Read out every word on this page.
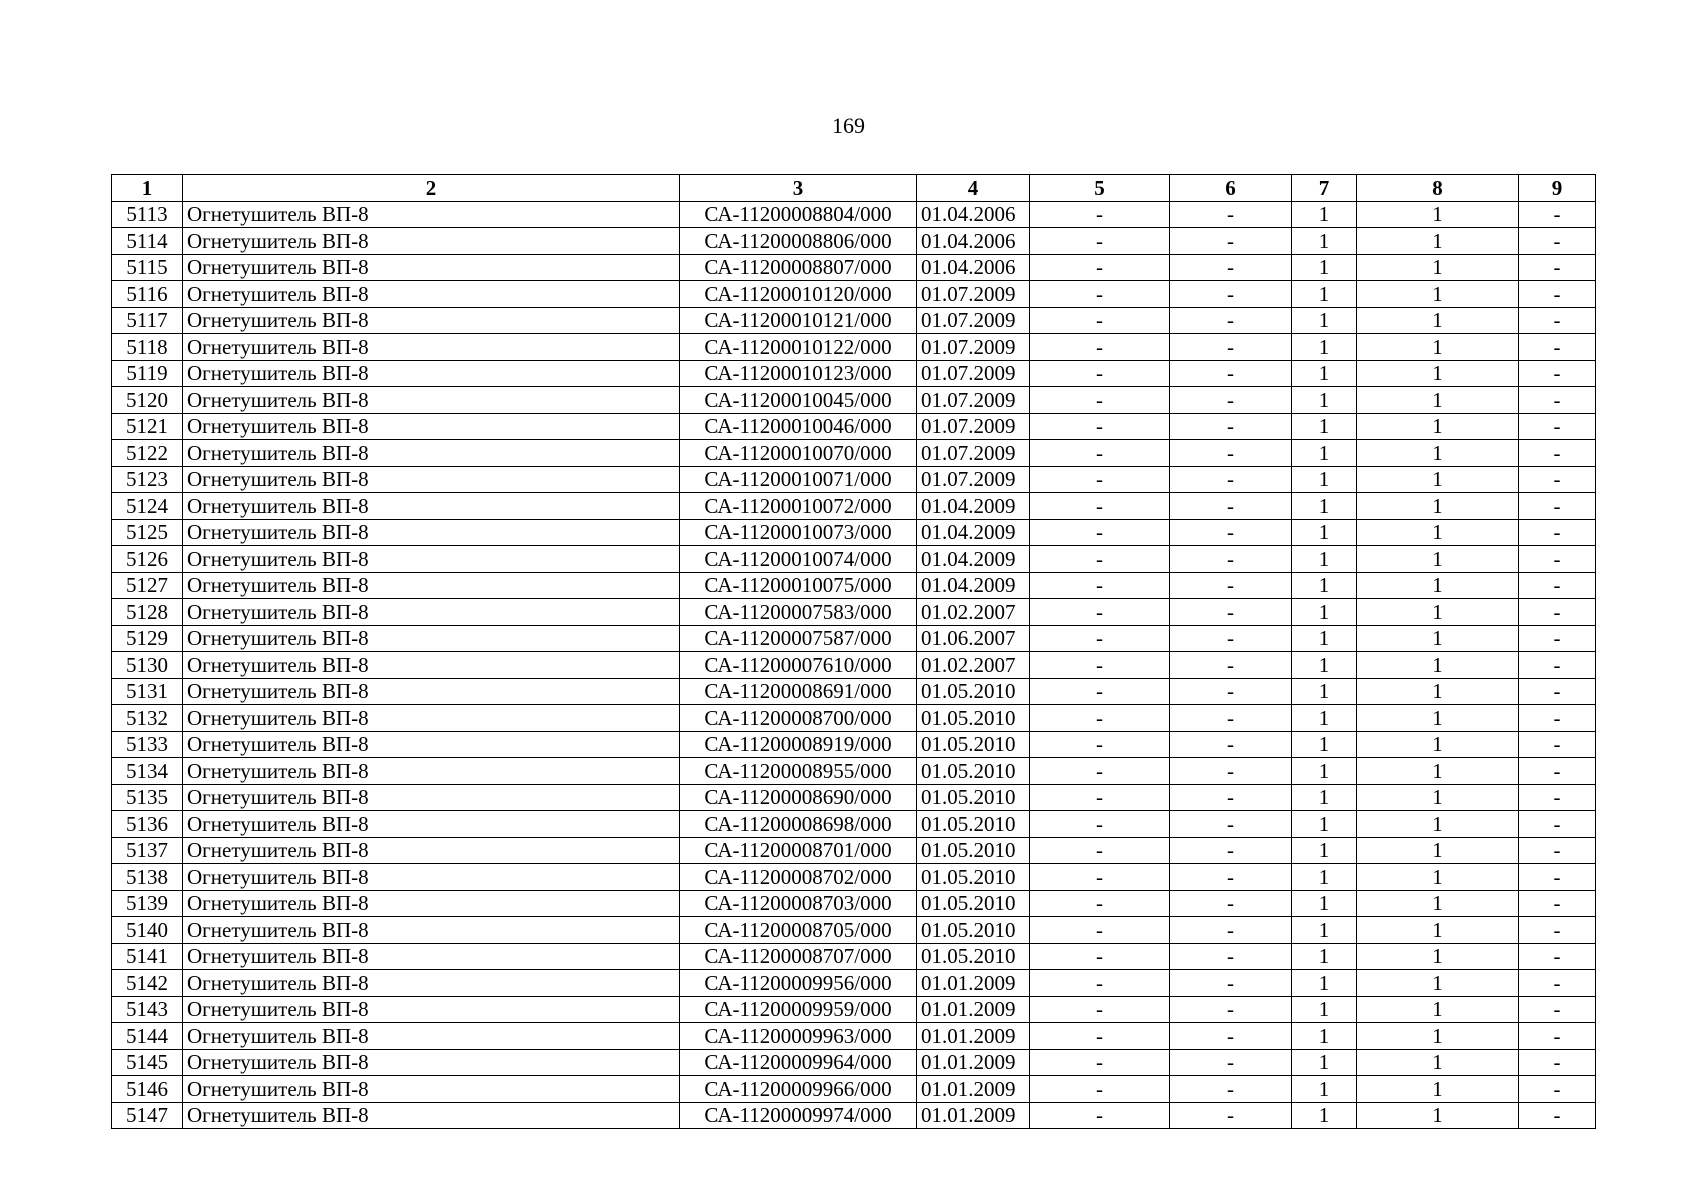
169
1	2	3	4	5	6	7	8	9
5113	Огнетушитель ВП-8	СА-11200008804/000	01.04.2006	-	-	1	1	-
5114	Огнетушитель ВП-8	СА-11200008806/000	01.04.2006	-	-	1	1	-
5115	Огнетушитель ВП-8	СА-11200008807/000	01.04.2006	-	-	1	1	-
5116	Огнетушитель ВП-8	СА-11200010120/000	01.07.2009	-	-	1	1	-
5117	Огнетушитель ВП-8	СА-11200010121/000	01.07.2009	-	-	1	1	-
5118	Огнетушитель ВП-8	СА-11200010122/000	01.07.2009	-	-	1	1	-
5119	Огнетушитель ВП-8	СА-11200010123/000	01.07.2009	-	-	1	1	-
5120	Огнетушитель ВП-8	СА-11200010045/000	01.07.2009	-	-	1	1	-
5121	Огнетушитель ВП-8	СА-11200010046/000	01.07.2009	-	-	1	1	-
5122	Огнетушитель ВП-8	СА-11200010070/000	01.07.2009	-	-	1	1	-
5123	Огнетушитель ВП-8	СА-11200010071/000	01.07.2009	-	-	1	1	-
5124	Огнетушитель ВП-8	СА-11200010072/000	01.04.2009	-	-	1	1	-
5125	Огнетушитель ВП-8	СА-11200010073/000	01.04.2009	-	-	1	1	-
5126	Огнетушитель ВП-8	СА-11200010074/000	01.04.2009	-	-	1	1	-
5127	Огнетушитель ВП-8	СА-11200010075/000	01.04.2009	-	-	1	1	-
5128	Огнетушитель ВП-8	СА-11200007583/000	01.02.2007	-	-	1	1	-
5129	Огнетушитель ВП-8	СА-11200007587/000	01.06.2007	-	-	1	1	-
5130	Огнетушитель ВП-8	СА-11200007610/000	01.02.2007	-	-	1	1	-
5131	Огнетушитель ВП-8	СА-11200008691/000	01.05.2010	-	-	1	1	-
5132	Огнетушитель ВП-8	СА-11200008700/000	01.05.2010	-	-	1	1	-
5133	Огнетушитель ВП-8	СА-11200008919/000	01.05.2010	-	-	1	1	-
5134	Огнетушитель ВП-8	СА-11200008955/000	01.05.2010	-	-	1	1	-
5135	Огнетушитель ВП-8	СА-11200008690/000	01.05.2010	-	-	1	1	-
5136	Огнетушитель ВП-8	СА-11200008698/000	01.05.2010	-	-	1	1	-
5137	Огнетушитель ВП-8	СА-11200008701/000	01.05.2010	-	-	1	1	-
5138	Огнетушитель ВП-8	СА-11200008702/000	01.05.2010	-	-	1	1	-
5139	Огнетушитель ВП-8	СА-11200008703/000	01.05.2010	-	-	1	1	-
5140	Огнетушитель ВП-8	СА-11200008705/000	01.05.2010	-	-	1	1	-
5141	Огнетушитель ВП-8	СА-11200008707/000	01.05.2010	-	-	1	1	-
5142	Огнетушитель ВП-8	СА-11200009956/000	01.01.2009	-	-	1	1	-
5143	Огнетушитель ВП-8	СА-11200009959/000	01.01.2009	-	-	1	1	-
5144	Огнетушитель ВП-8	СА-11200009963/000	01.01.2009	-	-	1	1	-
5145	Огнетушитель ВП-8	СА-11200009964/000	01.01.2009	-	-	1	1	-
5146	Огнетушитель ВП-8	СА-11200009966/000	01.01.2009	-	-	1	1	-
5147	Огнетушитель ВП-8	СА-11200009974/000	01.01.2009	-	-	1	1	-
